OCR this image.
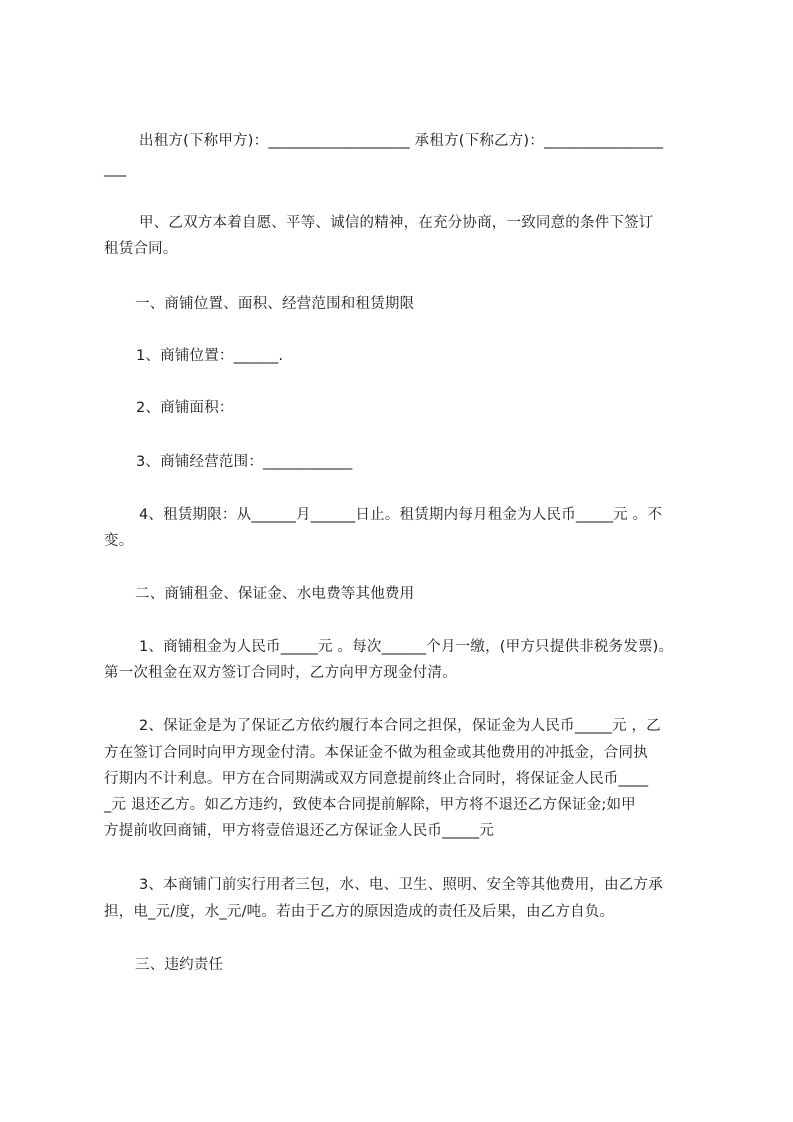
出租方(下称甲方)：___________________ 承租方(下称乙方)：________________
___
甲、乙双方本着自愿、平等、诚信的精神，在充分协商，一致同意的条件下签订
租赁合同。
一、商铺位置、面积、经营范围和租赁期限
1、商铺位置：______.
2、商铺面积：
3、商铺经营范围：____________
4、租赁期限：从______月______日止。租赁期内每月租金为人民币_____元 。不
变。
二、商铺租金、保证金、水电费等其他费用
1、商铺租金为人民币_____元 。每次______个月一缴，(甲方只提供非税务发票)。
第一次租金在双方签订合同时，乙方向甲方现金付清。
2、保证金是为了保证乙方依约履行本合同之担保，保证金为人民币_____元 ，乙
方在签订合同时向甲方现金付清。本保证金不做为租金或其他费用的冲抵金，合同执
行期内不计利息。甲方在合同期满或双方同意提前终止合同时，将保证金人民币____
_元 退还乙方。如乙方违约，致使本合同提前解除，甲方将不退还乙方保证金;如甲
方提前收回商铺，甲方将壹倍退还乙方保证金人民币_____元
3、本商铺门前实行用者三包，水、电、卫生、照明、安全等其他费用，由乙方承
担，电_元/度，水_元/吨。若由于乙方的原因造成的责任及后果，由乙方自负。
三、违约责任
